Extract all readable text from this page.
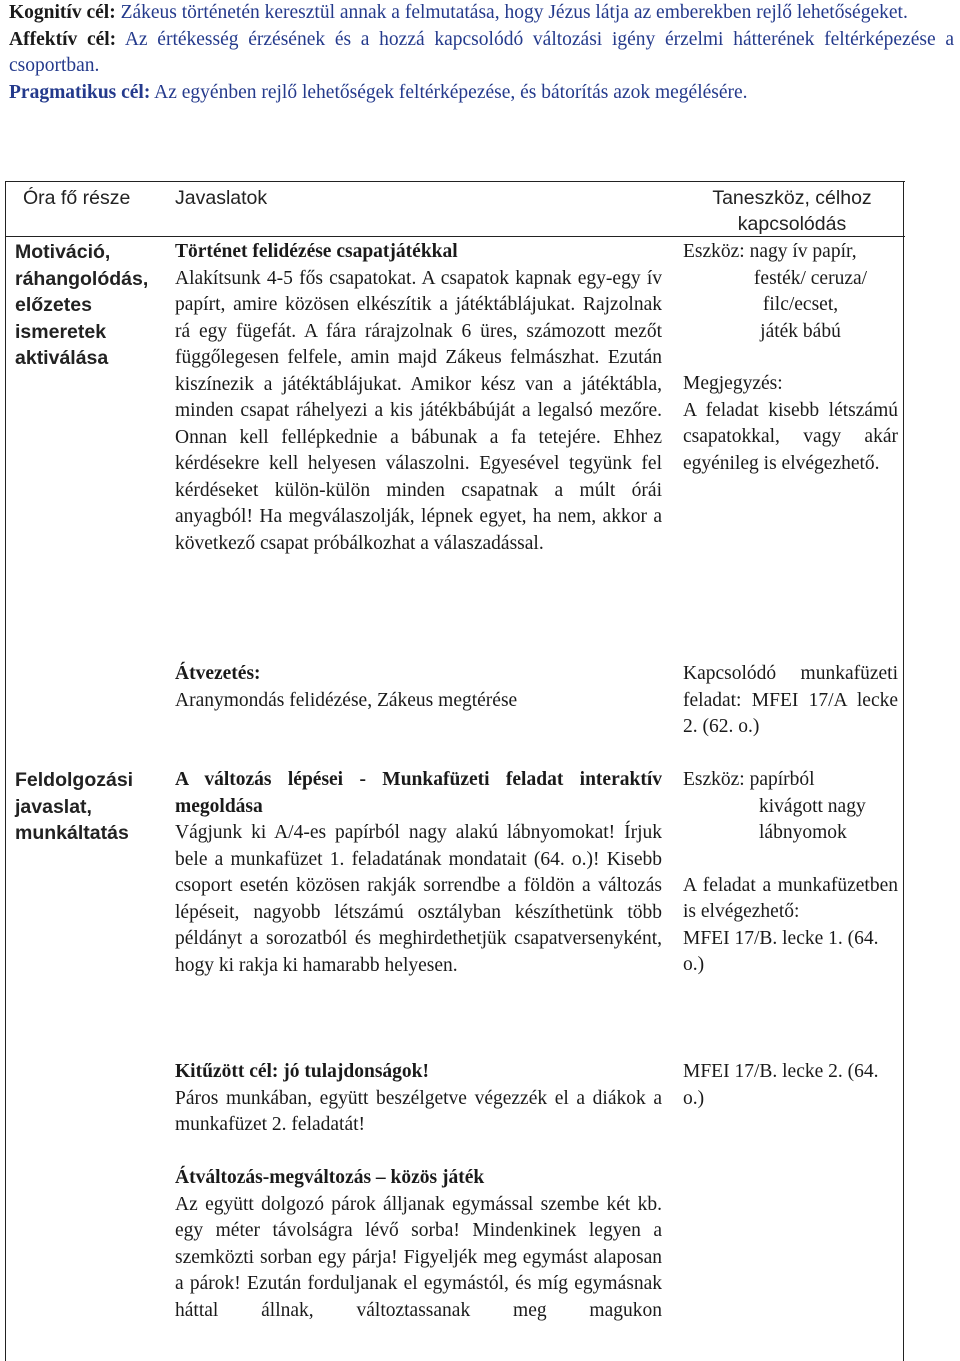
Kognitív cél: Zákeus történetén keresztül annak a felmutatása, hogy Jézus látja az emberekben rejlő lehetőségeket.

Affektív cél: Az értékesség érzésének és a hozzá kapcsolódó változási igény érzelmi hátterének feltérképezése a csoportban.

Pragmatikus cél: Az egyénben rejlő lehetőségek feltérképezése, és bátorítás azok megélésére.

Óra fő része	Javaslatok	Taneszköz, célhoz kapcsolódás
Motiváció, ráhangolódás, előzetes ismeretek aktiválása

Történet felidézése csapatjátékkal

Alakítsunk 4-5 fős csapatokat. A csapatok kapnak egy-egy ív papírt, amire közösen elkészítik a játéktáblájukat. Rajzolnak rá egy fügefát. A fára rárajzolnak 6 üres, számozott mezőt függőlegesen felfele, amin majd Zákeus felmászhat. Ezután kiszínezik a játéktáblájukat. Amikor kész van a játéktábla, minden csapat ráhelyezi a kis játékbábúját a legalsó mezőre. Onnan kell fellépkednie a bábunak a fa tetejére. Ehhez kérdésekre kell helyesen válaszolni. Egyesével tegyünk fel kérdéseket külön-külön minden csapatnak a múlt órái anyagból! Ha megválaszolják, lépnek egyet, ha nem, akkor a következő csapat próbálkozhat a válaszadással.

Eszköz: nagy ív papír,

festék/ ceruza/

filc/ecset,

játék bábú

Megjegyzés:

A feladat kisebb létszámú csapatokkal, vagy akár egyénileg is elvégezhető.

Átvezetés:

Aranymondás felidézése, Zákeus megtérése

Kapcsolódó munkafüzeti feladat: MFEI 17/A lecke 2. (62. o.)
Feldolgozási javaslat, munkáltatás

A változás lépései - Munkafüzeti feladat interaktív megoldása

Vágjunk ki A/4-es papírból nagy alakú lábnyomokat! Írjuk bele a munkafüzet 1. feladatának mondatait (64. o.)! Kisebb csoport esetén közösen rakják sorrendbe a földön a változás lépéseit, nagyobb létszámú osztályban készíthetünk több példányt a sorozatból és meghirdethetjük csapatversenyként, hogy ki rakja ki hamarabb helyesen.

Eszköz: papírból

kivágott nagy

lábnyomok

A feladat a munkafüzetben is elvégezhető:

MFEI 17/B. lecke 1. (64. o.)

Kitűzött cél: jó tulajdonságok!

Páros munkában, együtt beszélgetve végezzék el a diákok a munkafüzet 2. feladatát!

MFEI 17/B. lecke 2. (64. o.)

Átváltozás-megváltozás – közös játék

Az együtt dolgozó párok álljanak egymással szembe két kb. egy méter távolságra lévő sorba! Mindenkinek legyen a szemközti sorban egy párja! Figyeljék meg egymást alaposan a párok! Ezután forduljanak el egymástól, és míg egymásnak háttal állnak, változtassanak meg magukon
